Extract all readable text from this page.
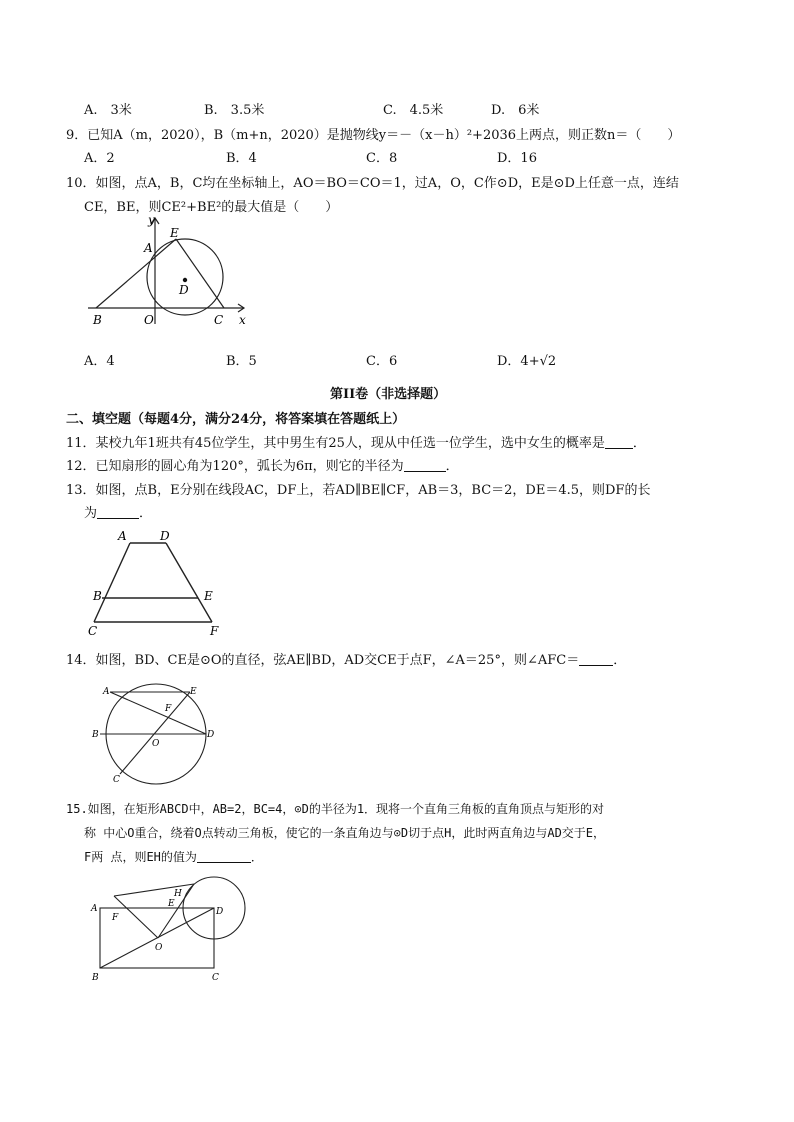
A.　3米	B.　3.5米	C.　4.5米	D.　6米
9．已知A（m，2020），B（m+n，2020）是抛物线y＝－（x－h）²+2036上两点，则正数n＝（　　）
A．2	B．4	C．8	D．16
10．如图，点A，B，C均在坐标轴上，AO＝BO＝CO＝1，过A，O，C作⊙D，E是⊙D上任意一点，连结
CE，BE，则CE²+BE²的最大值是（　　）
y
x
A
E
D
B	O	C
A．4	B．5	C．6	D．4+√2
第II卷（非选择题）
二、填空题（每题4分，满分24分，将答案填在答题纸上）
11．某校九年1班共有45位学生，其中男生有25人，现从中任选一位学生，选中女生的概率是 ．
12．已知扇形的圆心角为120°，弧长为6π，则它的半径为	．
13．如图，点B，E分别在线段AC，DF上，若AD∥BE∥CF，AB＝3，BC＝2，DE＝4.5，则DF的长
为	．
A	D
B	E
C	F
14．如图，BD、CE是⊙O的直径，弦AE∥BD，AD交CE于点F，∠A＝25°，则∠AFC＝	．
A	E
F
B
O
D
C
15.如图，在矩形ABCD中，AB=2，BC=4，⊙D的半径为1．现将一个直角三角板的直角顶点与矩形的对
称 中心O重合，绕着O点转动三角板，使它的一条直角边与⊙D切于点H，此时两直角边与AD交于E，
F两 点，则EH的值为	．
A
F
E
H
D
O
B	C
